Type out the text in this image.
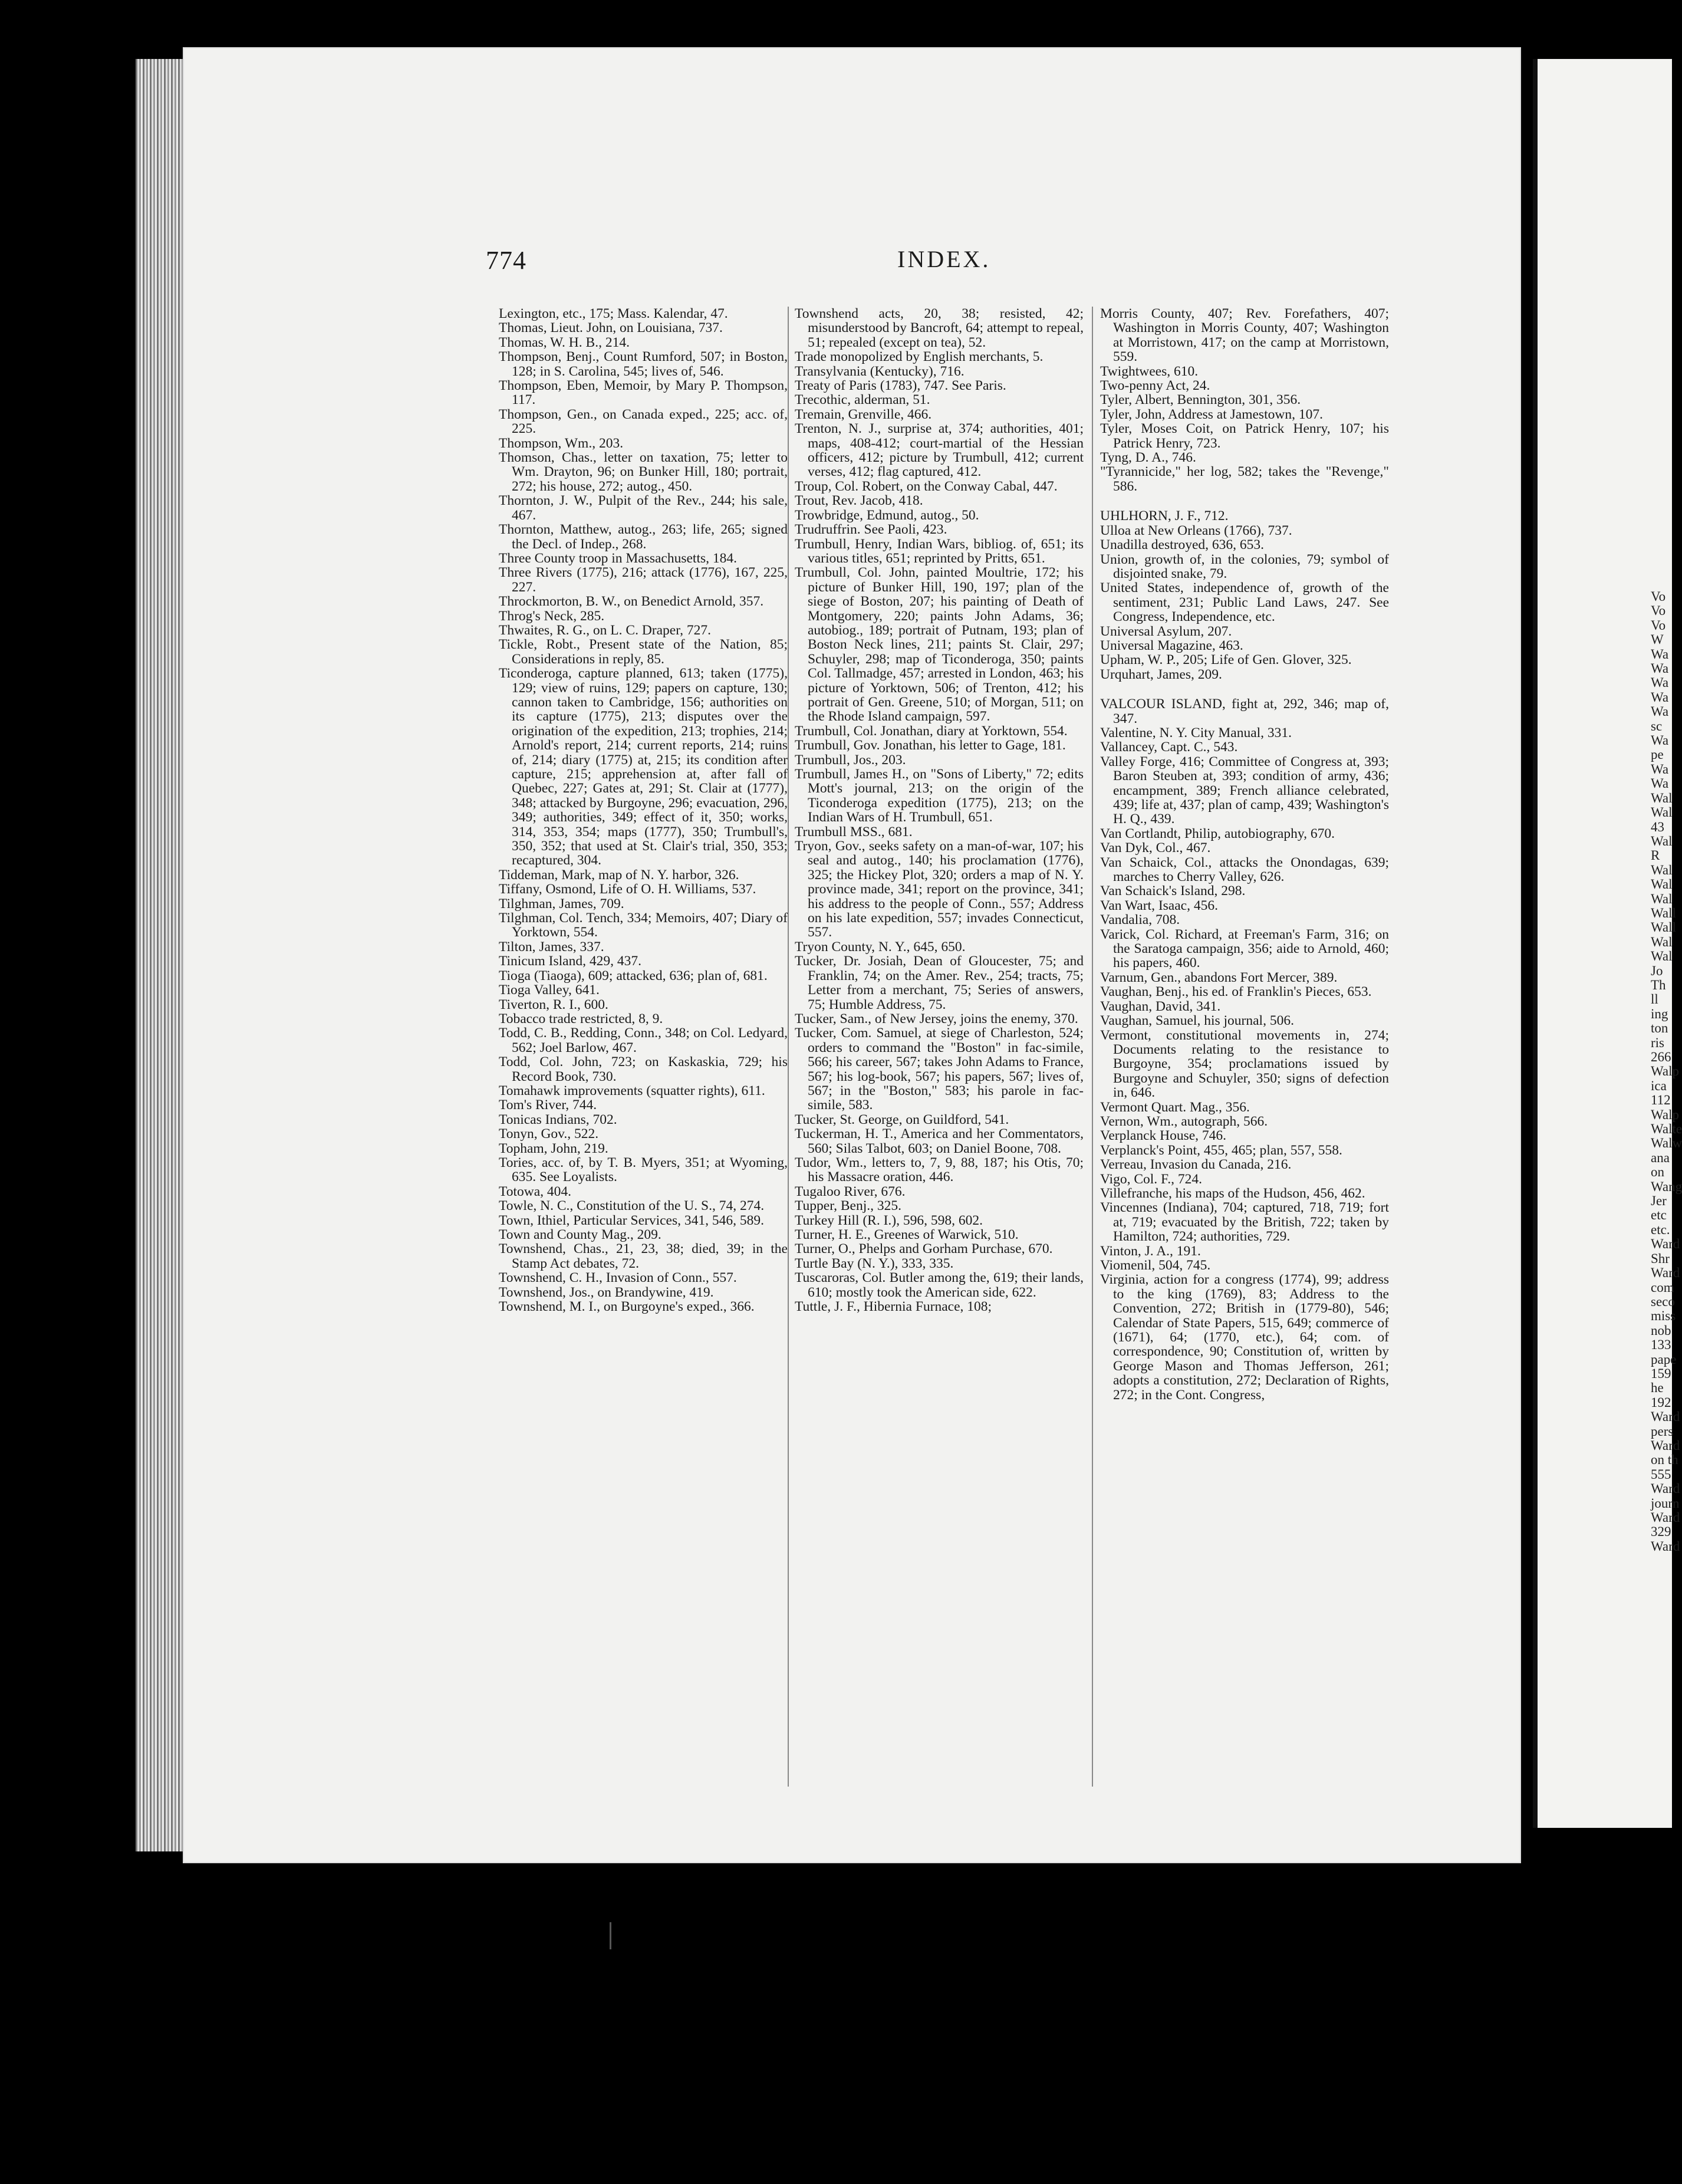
774	INDEX.

Lexington, etc., 175; Mass. Kalendar, 47.

Thomas, Lieut. John, on Louisiana, 737.

Thomas, W. H. B., 214.

Thompson, Benj., Count Rumford, 507; in Boston, 128; in S. Carolina, 545; lives of, 546.

Thompson, Eben, Memoir, by Mary P. Thompson, 117.

Thompson, Gen., on Canada exped., 225; acc. of, 225.

Thompson, Wm., 203.

Thomson, Chas., letter on taxation, 75; letter to Wm. Drayton, 96; on Bunker Hill, 180; portrait, 272; his house, 272; autog., 450.

Thornton, J. W., Pulpit of the Rev., 244; his sale, 467.

Thornton, Matthew, autog., 263; life, 265; signed the Decl. of Indep., 268.

Three County troop in Massachusetts, 184.

Three Rivers (1775), 216; attack (1776), 167, 225, 227.

Throckmorton, B. W., on Benedict Arnold, 357.

Throg's Neck, 285.

Thwaites, R. G., on L. C. Draper, 727.

Tickle, Robt., Present state of the Nation, 85; Considerations in reply, 85.

Ticonderoga, capture planned, 613; taken (1775), 129; view of ruins, 129; papers on capture, 130; cannon taken to Cambridge, 156; authorities on its capture (1775), 213; disputes over the origination of the expedition, 213; trophies, 214; Arnold's report, 214; current reports, 214; ruins of, 214; diary (1775) at, 215; its condition after capture, 215; apprehension at, after fall of Quebec, 227; Gates at, 291; St. Clair at (1777), 348; attacked by Burgoyne, 296; evacuation, 296, 349; authorities, 349; effect of it, 350; works, 314, 353, 354; maps (1777), 350; Trumbull's, 350, 352; that used at St. Clair's trial, 350, 353; recaptured, 304.

Tiddeman, Mark, map of N. Y. harbor, 326.

Tiffany, Osmond, Life of O. H. Williams, 537.

Tilghman, James, 709.

Tilghman, Col. Tench, 334; Memoirs, 407; Diary of Yorktown, 554.

Tilton, James, 337.

Tinicum Island, 429, 437.

Tioga (Tiaoga), 609; attacked, 636; plan of, 681.

Tioga Valley, 641.

Tiverton, R. I., 600.

Tobacco trade restricted, 8, 9.

Todd, C. B., Redding, Conn., 348; on Col. Ledyard, 562; Joel Barlow, 467.

Todd, Col. John, 723; on Kaskaskia, 729; his Record Book, 730.

Tomahawk improvements (squatter rights), 611.

Tom's River, 744.

Tonicas Indians, 702.

Tonyn, Gov., 522.

Topham, John, 219.

Tories, acc. of, by T. B. Myers, 351; at Wyoming, 635. See Loyalists.

Totowa, 404.

Towle, N. C., Constitution of the U. S., 74, 274.

Town, Ithiel, Particular Services, 341, 546, 589.

Town and County Mag., 209.

Townshend, Chas., 21, 23, 38; died, 39; in the Stamp Act debates, 72.

Townshend, C. H., Invasion of Conn., 557.

Townshend, Jos., on Brandywine, 419.

Townshend, M. I., on Burgoyne's exped., 366.

Townshend acts, 20, 38; resisted, 42; misunderstood by Bancroft, 64; attempt to repeal, 51; repealed (except on tea), 52.

Trade monopolized by English merchants, 5.

Transylvania (Kentucky), 716.

Treaty of Paris (1783), 747. See Paris.

Trecothic, alderman, 51.

Tremain, Grenville, 466.

Trenton, N. J., surprise at, 374; authorities, 401; maps, 408-412; court-martial of the Hessian officers, 412; picture by Trumbull, 412; current verses, 412; flag captured, 412.

Troup, Col. Robert, on the Conway Cabal, 447.

Trout, Rev. Jacob, 418.

Trowbridge, Edmund, autog., 50.

Trudruffrin. See Paoli, 423.

Trumbull, Henry, Indian Wars, bibliog. of, 651; its various titles, 651; reprinted by Pritts, 651.

Trumbull, Col. John, painted Moultrie, 172; his picture of Bunker Hill, 190, 197; plan of the siege of Boston, 207; his painting of Death of Montgomery, 220; paints John Adams, 36; autobiog., 189; portrait of Putnam, 193; plan of Boston Neck lines, 211; paints St. Clair, 297; Schuyler, 298; map of Ticonderoga, 350; paints Col. Tallmadge, 457; arrested in London, 463; his picture of Yorktown, 506; of Trenton, 412; his portrait of Gen. Greene, 510; of Morgan, 511; on the Rhode Island campaign, 597.

Trumbull, Col. Jonathan, diary at Yorktown, 554.

Trumbull, Gov. Jonathan, his letter to Gage, 181.

Trumbull, Jos., 203.

Trumbull, James H., on "Sons of Liberty," 72; edits Mott's journal, 213; on the origin of the Ticonderoga expedition (1775), 213; on the Indian Wars of H. Trumbull, 651.

Trumbull MSS., 681.

Tryon, Gov., seeks safety on a man-of-war, 107; his seal and autog., 140; his proclamation (1776), 325; the Hickey Plot, 320; orders a map of N. Y. province made, 341; report on the province, 341; his address to the people of Conn., 557; Address on his late expedition, 557; invades Connecticut, 557.

Tryon County, N. Y., 645, 650.

Tucker, Dr. Josiah, Dean of Gloucester, 75; and Franklin, 74; on the Amer. Rev., 254; tracts, 75; Letter from a merchant, 75; Series of answers, 75; Humble Address, 75.

Tucker, Sam., of New Jersey, joins the enemy, 370.

Tucker, Com. Samuel, at siege of Charleston, 524; orders to command the "Boston" in fac-simile, 566; his career, 567; takes John Adams to France, 567; his log-book, 567; his papers, 567; lives of, 567; in the "Boston," 583; his parole in fac-simile, 583.

Tucker, St. George, on Guildford, 541.

Tuckerman, H. T., America and her Commentators, 560; Silas Talbot, 603; on Daniel Boone, 708.

Tudor, Wm., letters to, 7, 9, 88, 187; his Otis, 70; his Massacre oration, 446.

Tugaloo River, 676.

Tupper, Benj., 325.

Turkey Hill (R. I.), 596, 598, 602.

Turner, H. E., Greenes of Warwick, 510.

Turner, O., Phelps and Gorham Purchase, 670.

Turtle Bay (N. Y.), 333, 335.

Tuscaroras, Col. Butler among the, 619; their lands, 610; mostly took the American side, 622.

Tuttle, J. F., Hibernia Furnace, 108;

Morris County, 407; Rev. Forefathers, 407; Washington in Morris County, 407; Washington at Morristown, 417; on the camp at Morristown, 559.

Twightwees, 610.

Two-penny Act, 24.

Tyler, Albert, Bennington, 301, 356.

Tyler, John, Address at Jamestown, 107.

Tyler, Moses Coit, on Patrick Henry, 107; his Patrick Henry, 723.

Tyng, D. A., 746.

"Tyrannicide," her log, 582; takes the "Revenge," 586.

UHLHORN, J. F., 712.

Ulloa at New Orleans (1766), 737.

Unadilla destroyed, 636, 653.

Union, growth of, in the colonies, 79; symbol of disjointed snake, 79.

United States, independence of, growth of the sentiment, 231; Public Land Laws, 247. See Congress, Independence, etc.

Universal Asylum, 207.

Universal Magazine, 463.

Upham, W. P., 205; Life of Gen. Glover, 325.

Urquhart, James, 209.

VALCOUR ISLAND, fight at, 292, 346; map of, 347.

Valentine, N. Y. City Manual, 331.

Vallancey, Capt. C., 543.

Valley Forge, 416; Committee of Congress at, 393; Baron Steuben at, 393; condition of army, 436; encampment, 389; French alliance celebrated, 439; life at, 437; plan of camp, 439; Washington's H. Q., 439.

Van Cortlandt, Philip, autobiography, 670.

Van Dyk, Col., 467.

Van Schaick, Col., attacks the Onondagas, 639; marches to Cherry Valley, 626.

Van Schaick's Island, 298.

Van Wart, Isaac, 456.

Vandalia, 708.

Varick, Col. Richard, at Freeman's Farm, 316; on the Saratoga campaign, 356; aide to Arnold, 460; his papers, 460.

Varnum, Gen., abandons Fort Mercer, 389.

Vaughan, Benj., his ed. of Franklin's Pieces, 653.

Vaughan, David, 341.

Vaughan, Samuel, his journal, 506.

Vermont, constitutional movements in, 274; Documents relating to the resistance to Burgoyne, 354; proclamations issued by Burgoyne and Schuyler, 350; signs of defection in, 646.

Vermont Quart. Mag., 356.

Vernon, Wm., autograph, 566.

Verplanck House, 746.

Verplanck's Point, 455, 465; plan, 557, 558.

Verreau, Invasion du Canada, 216.

Vigo, Col. F., 724.

Villefranche, his maps of the Hudson, 456, 462.

Vincennes (Indiana), 704; captured, 718, 719; fort at, 719; evacuated by the British, 722; taken by Hamilton, 724; authorities, 729.

Vinton, J. A., 191.

Viomenil, 504, 745.

Virginia, action for a congress (1774), 99; address to the king (1769), 83; Address to the Convention, 272; British in (1779-80), 546; Calendar of State Papers, 515, 649; commerce of (1671), 64; (1770, etc.), 64; com. of correspondence, 90; Constitution of, written by George Mason and Thomas Jefferson, 261; adopts a constitution, 272; Declaration of Rights, 272; in the Cont. Congress,

Vo
Vo
Vo
W
Wa
Wa
Wa
Wa
Wa
sc
Wa
pe
Wa
Wa
Wal
Wal
43
Wal
R
Wal
Wal
Wal
Wall
Wall
Wal
Wal
Jo
Th
ll
ing
ton
ris
266
Walp
ica
112
Walp
Walte
Walw
ana
on
Wang
Jer
etc
etc.
Ward
Shr
Ward
com
seco
miss
nob
133
pape
159
he
192
Ward
pers
Ward
on th
555
Ward
journ
Ward
329
Ward
